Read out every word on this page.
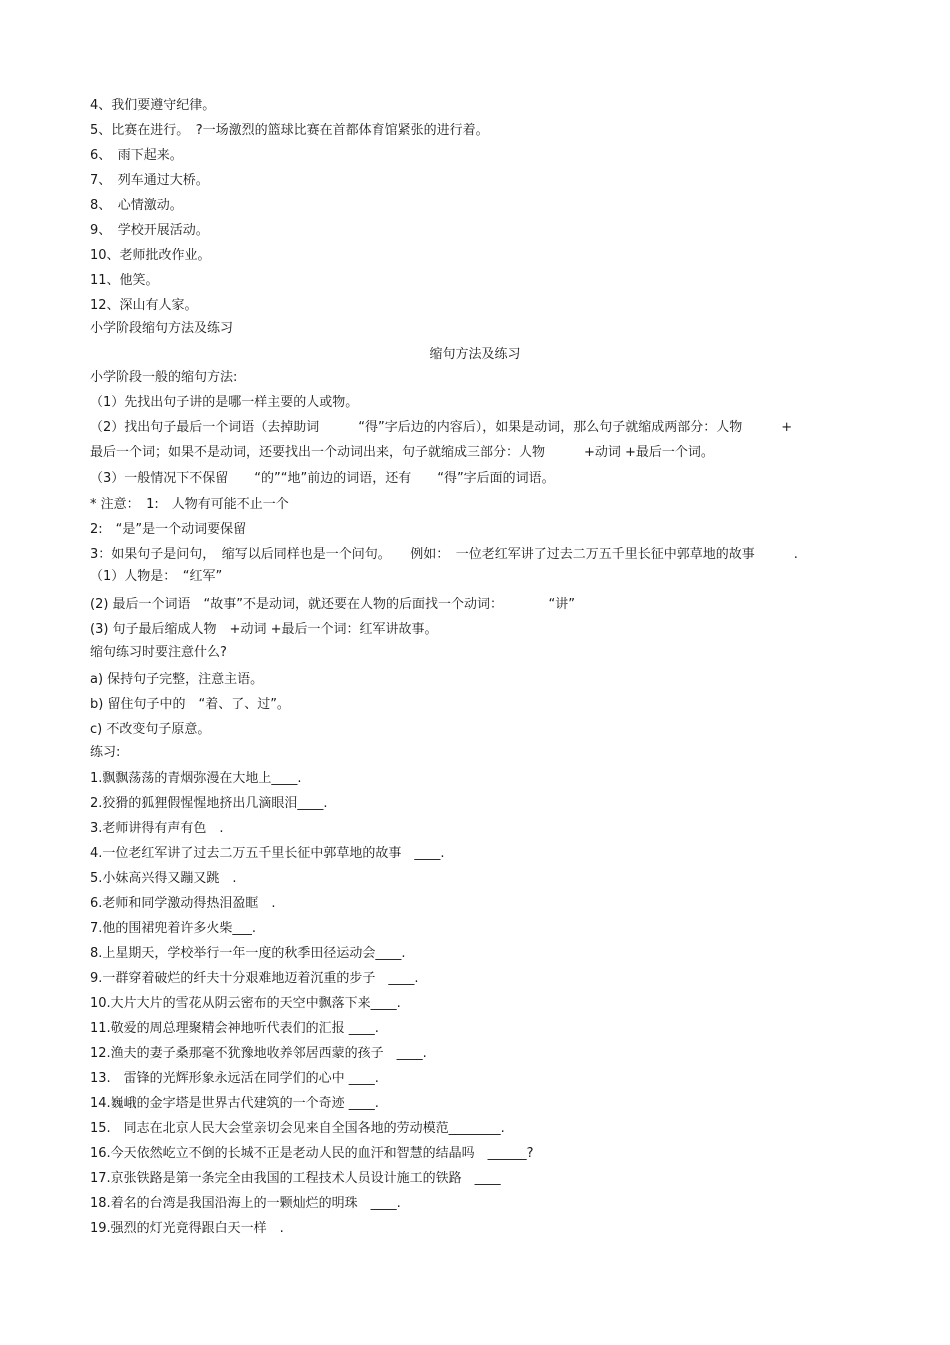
4、我们要遵守纪律。
5、比赛在进行。　?一场激烈的篮球比赛在首都体育馆紧张的进行着。
6、　雨下起来。
7、　列车通过大桥。
8、　心情激动。
9、　学校开展活动。
10、老师批改作业。
11、他笑。
12、深山有人家。
小学阶段缩句方法及练习
缩句方法及练习
小学阶段一般的缩句方法:
（1）先找出句子讲的是哪一样主要的人或物。
（2）找出句子最后一个词语（去掉助词　　　“得”字后边的内容后），如果是动词，那么句子就缩成两部分：人物　　　+
最后一个词；如果不是动词，还要找出一个动词出来，句子就缩成三部分：人物　　　+动词 +最后一个词。
（3）一般情况下不保留　　“的”“地”前边的词语，还有　　“得”字后面的词语。
* 注意：　1:　人物有可能不止一个
2:　“是”是一个动词要保留
3：如果句子是问句，　缩写以后同样也是一个问句。　　例如：　一位老红军讲了过去二万五千里长征中郭草地的故事　　　.
（1）人物是：　“红军”
(2) 最后一个词语　“故事”不是动词，就还要在人物的后面找一个动词：　　　　“讲”
(3) 句子最后缩成人物　+动词 +最后一个词：红军讲故事。
缩句练习时要注意什么?
a) 保持句子完整，注意主语。
b) 留住句子中的　“着、了、过”。
c) 不改变句子原意。
练习:
1.飘飘荡荡的青烟弥漫在大地上____.
2.狡猾的狐狸假惺惺地挤出几滴眼泪____.
3.老师讲得有声有色　.
4.一位老红军讲了过去二万五千里长征中郭草地的故事　____.
5.小妹高兴得又蹦又跳　.
6.老师和同学激动得热泪盈眶　.
7.他的围裙兜着许多火柴___.
8.上星期天，学校举行一年一度的秋季田径运动会____.
9.一群穿着破烂的纤夫十分艰难地迈着沉重的步子　____.
10.大片大片的雪花从阴云密布的天空中飘落下来____.
11.敬爱的周总理聚精会神地听代表们的汇报 ____.
12.渔夫的妻子桑那毫不犹豫地收养邻居西蒙的孩子　____.
13.　雷锋的光辉形象永远活在同学们的心中 ____.
14.巍峨的金字塔是世界古代建筑的一个奇迹 ____.
15.　同志在北京人民大会堂亲切会见来自全国各地的劳动模范________.
16.今天依然屹立不倒的长城不正是老动人民的血汗和智慧的结晶吗　______?
17.京张铁路是第一条完全由我国的工程技术人员设计施工的铁路　____
18.着名的台湾是我国沿海上的一颗灿烂的明珠　____.
19.强烈的灯光竟得跟白天一样　.
